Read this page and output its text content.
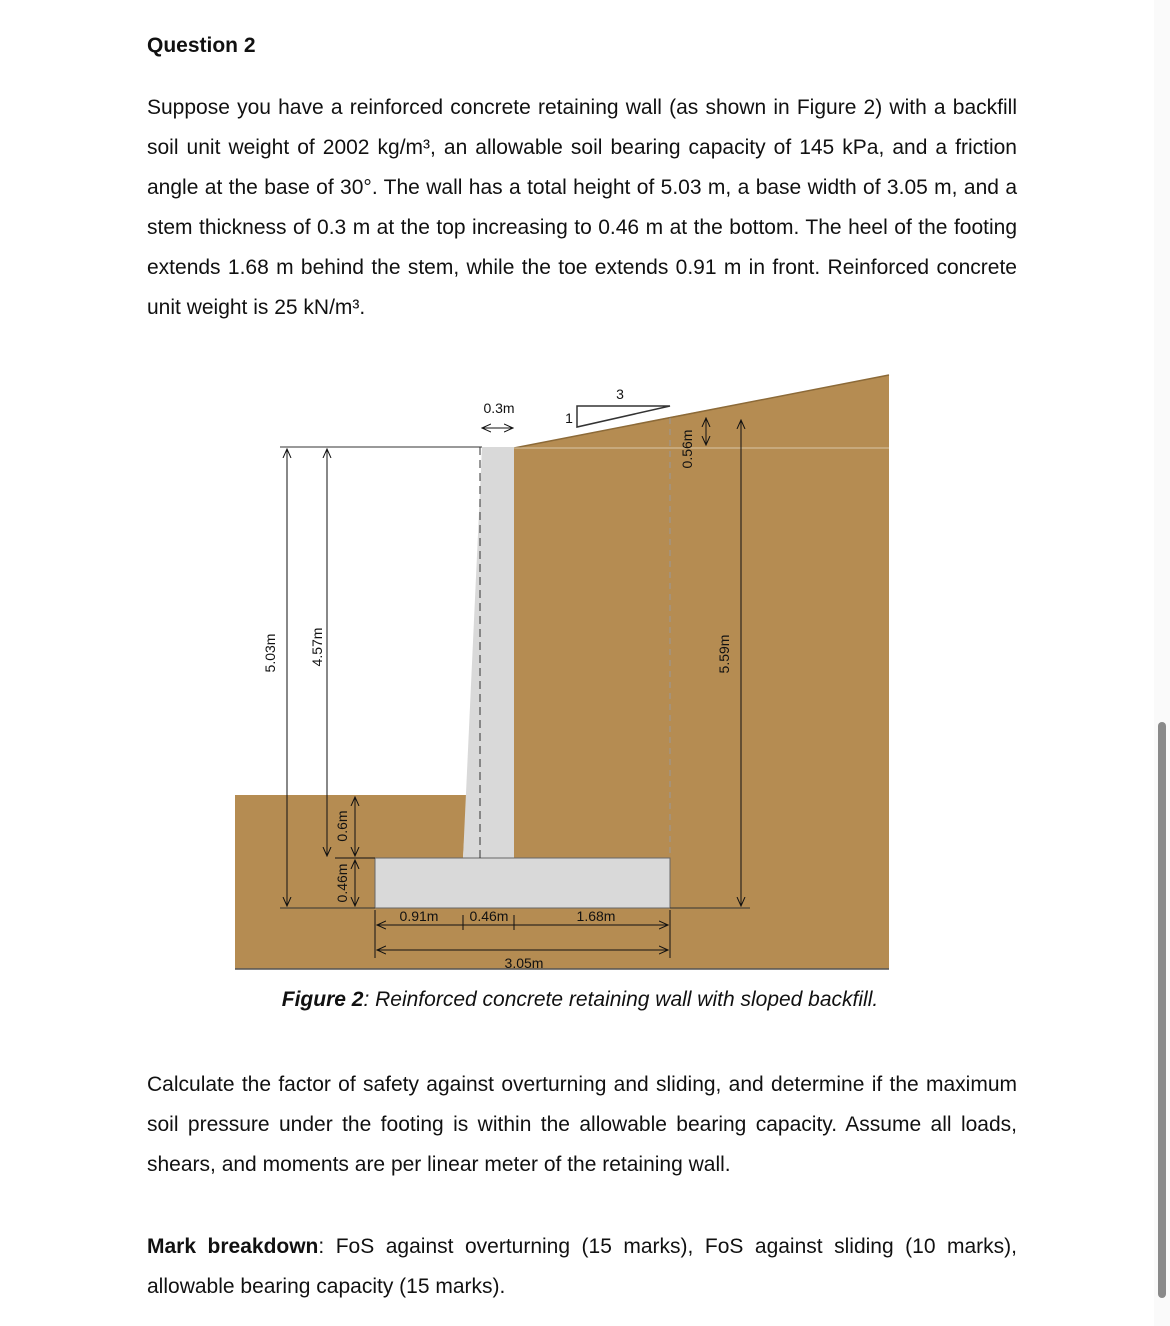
Question 2

Suppose you have a reinforced concrete retaining wall (as shown in Figure 2) with a backfill soil unit weight of 2002 kg/m³, an allowable soil bearing capacity of 145 kPa, and a friction angle at the base of 30°. The wall has a total height of 5.03 m, a base width of 3.05 m, and a stem thickness of 0.3 m at the top increasing to 0.46 m at the bottom. The heel of the footing extends 1.68 m behind the stem, while the toe extends 0.91 m in front. Reinforced concrete unit weight is 25 kN/m³.

3
1
0.3m
0.56m
5.59m
5.03m 4.57m
0.6m
0.46m
0.91m 0.46m	1.68m
3.05m

Figure 2: Reinforced concrete retaining wall with sloped backfill.

Calculate the factor of safety against overturning and sliding, and determine if the maximum soil pressure under the footing is within the allowable bearing capacity. Assume all loads, shears, and moments are per linear meter of the retaining wall.

Mark breakdown: FoS against overturning (15 marks), FoS against sliding (10 marks), allowable bearing capacity (15 marks).
